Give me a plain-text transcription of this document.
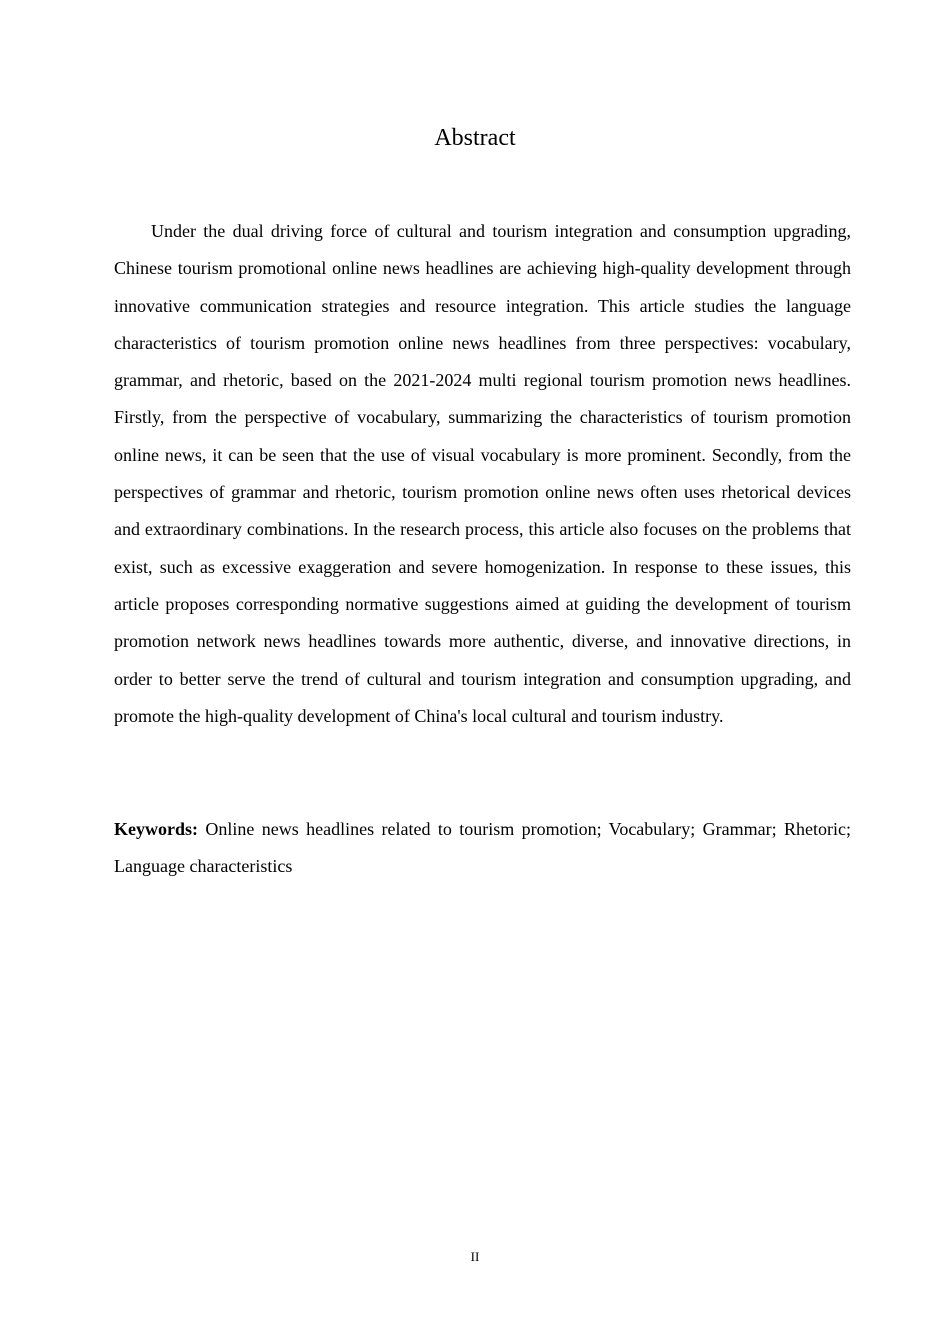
Abstract

Under the dual driving force of cultural and tourism integration and consumption upgrading, Chinese tourism promotional online news headlines are achieving high-quality development through innovative communication strategies and resource integration. This article studies the language characteristics of tourism promotion online news headlines from three perspectives: vocabulary, grammar, and rhetoric, based on the 2021-2024 multi regional tourism promotion news headlines. Firstly, from the perspective of vocabulary, summarizing the characteristics of tourism promotion online news, it can be seen that the use of visual vocabulary is more prominent. Secondly, from the perspectives of grammar and rhetoric, tourism promotion online news often uses rhetorical devices and extraordinary combinations. In the research process, this article also focuses on the problems that exist, such as excessive exaggeration and severe homogenization. In response to these issues, this article proposes corresponding normative suggestions aimed at guiding the development of tourism promotion network news headlines towards more authentic, diverse, and innovative directions, in order to better serve the trend of cultural and tourism integration and consumption upgrading, and promote the high-quality development of China's local cultural and tourism industry.

Keywords: Online news headlines related to tourism promotion; Vocabulary; Grammar; Rhetoric; Language characteristics

II
